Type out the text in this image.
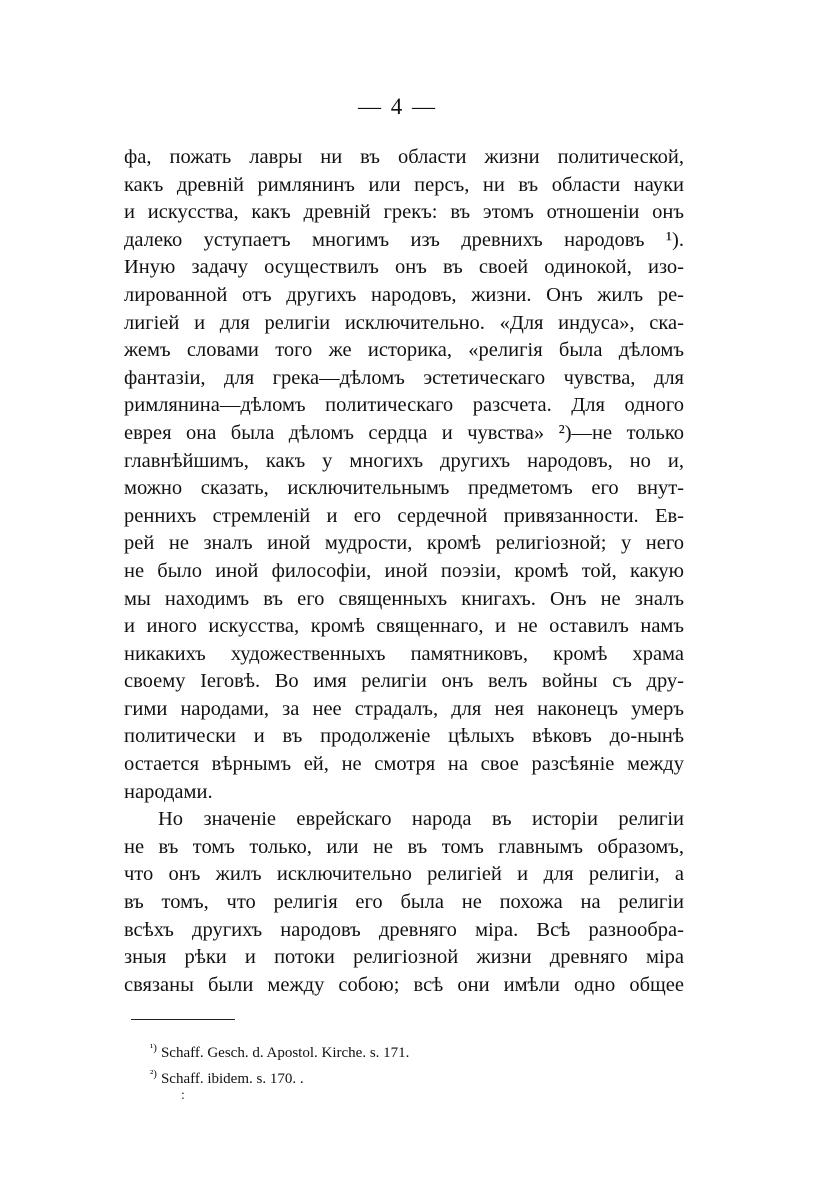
— 4 —
фа, пожать лавры ни въ области жизни политической,
какъ древній римлянинъ или персъ, ни въ области науки
и искусства, какъ древній грекъ: въ этомъ отношеніи онъ
далеко уступаетъ многимъ изъ древнихъ народовъ ¹).
Иную задачу осуществилъ онъ въ своей одинокой, изо-
лированной отъ другихъ народовъ, жизни. Онъ жилъ ре-
лигіей и для религіи исключительно. «Для индуса», ска-
жемъ словами того же историка, «религія была дѣломъ
фантазіи, для грека—дѣломъ эстетическаго чувства, для
римлянина—дѣломъ политическаго разсчета. Для одного
еврея она была дѣломъ сердца и чувства» ²)—не только
главнѣйшимъ, какъ у многихъ другихъ народовъ, но и,
можно сказать, исключительнымъ предметомъ его внут-
реннихъ стремленій и его сердечной привязанности. Ев-
рей не зналъ иной мудрости, кромѣ религіозной; у него
не было иной философіи, иной поэзіи, кромѣ той, какую
мы находимъ въ его священныхъ книгахъ. Онъ не зналъ
и иного искусства, кромѣ священнаго, и не оставилъ намъ
никакихъ художественныхъ памятниковъ, кромѣ храма
своему Іеговѣ. Во имя религіи онъ велъ войны съ дру-
гими народами, за нее страдалъ, для нея наконецъ умеръ
политически и въ продолженіе цѣлыхъ вѣковъ до-нынѣ
остается вѣрнымъ ей, не смотря на свое разсѣяніе между
народами.
Но значеніе еврейскаго народа въ исторіи религіи
не въ томъ только, или не въ томъ главнымъ образомъ,
что онъ жилъ исключительно религіей и для религіи, а
въ томъ, что религія его была не похожа на религіи
всѣхъ другихъ народовъ древняго міра. Всѣ разнообра-
зныя рѣки и потоки религіозной жизни древняго міра
связаны были между собою; всѣ они имѣли одно общее
$^{^1)}$ Schaff. Gesch. d. Apostol. Kirche. s. 171.
$^{^2)}$ Schaff. ibidem. s. 170. .
:
